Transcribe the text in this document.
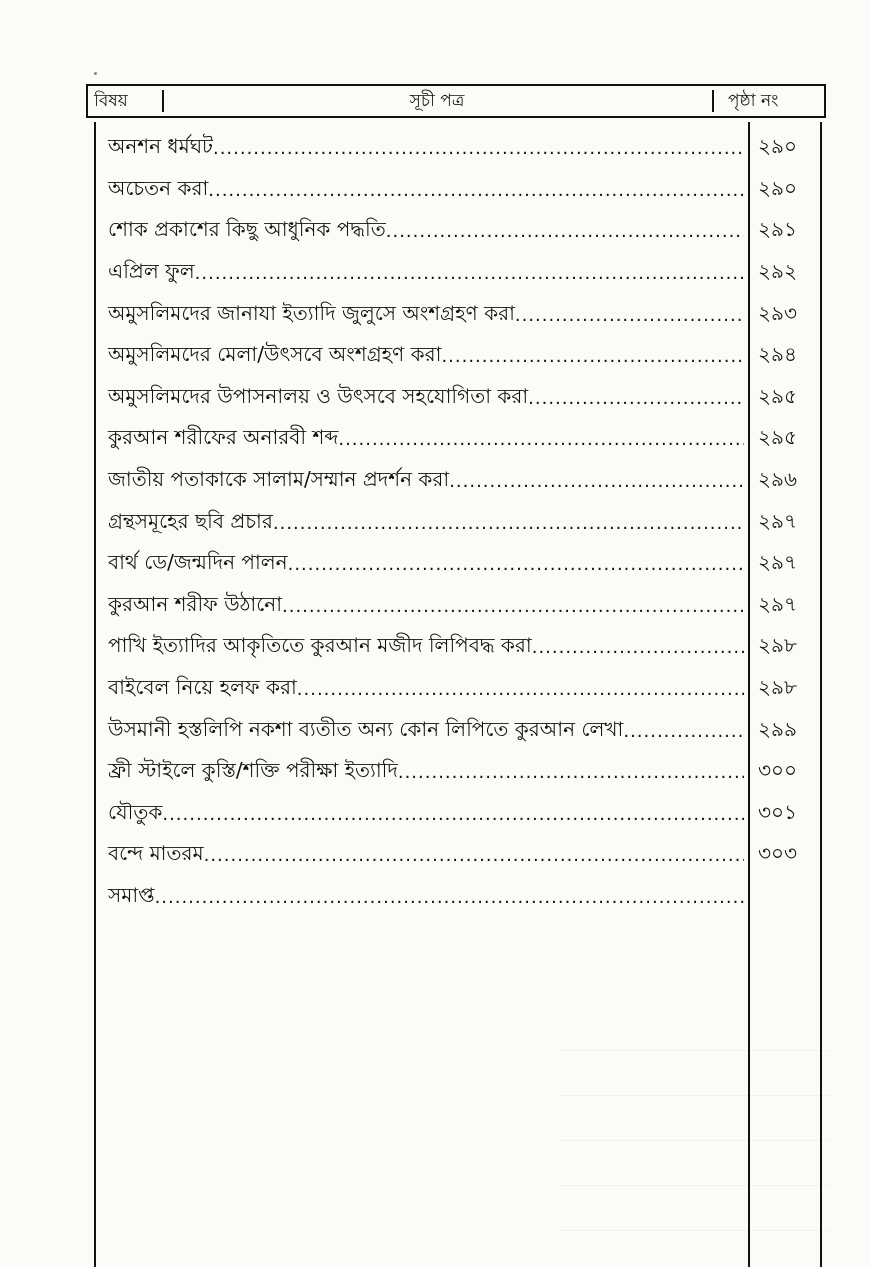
বিষয়	সূচী পত্র	পৃষ্ঠা নং
অনশন ধর্মঘট .....	২৯০
অচেতন করা .....	২৯০
শোক প্রকাশের কিছু আধুনিক পদ্ধতি .....	২৯১
এপ্রিল ফুল .....	২৯২
অমুসলিমদের জানাযা ইত্যাদি জুলুসে অংশগ্রহণ করা .....	২৯৩
অমুসলিমদের মেলা/উৎসবে অংশগ্রহণ করা .....	২৯৪
অমুসলিমদের উপাসনালয় ও উৎসবে সহযোগিতা করা .....	২৯৫
কুরআন শরীফের অনারবী শব্দ .....	২৯৫
জাতীয় পতাকাকে সালাম/সম্মান প্রদর্শন করা .....	২৯৬
গ্রন্থসমূহের ছবি প্রচার .....	২৯৭
বার্থ ডে/জন্মদিন পালন .....	২৯৭
কুরআন শরীফ উঠানো .....	২৯৭
পাখি ইত্যাদির আকৃতিতে কুরআন মজীদ লিপিবদ্ধ করা .....	২৯৮
বাইবেল নিয়ে হলফ করা .....	২৯৮
উসমানী হস্তলিপি নকশা ব্যতীত অন্য কোন লিপিতে কুরআন লেখা .....	২৯৯
ফ্রী স্টাইলে কুস্তি/শক্তি পরীক্ষা ইত্যাদি .....	৩০০
যৌতুক .....	৩০১
বন্দে মাতরম .....	৩০৩
সমাপ্ত
.....
